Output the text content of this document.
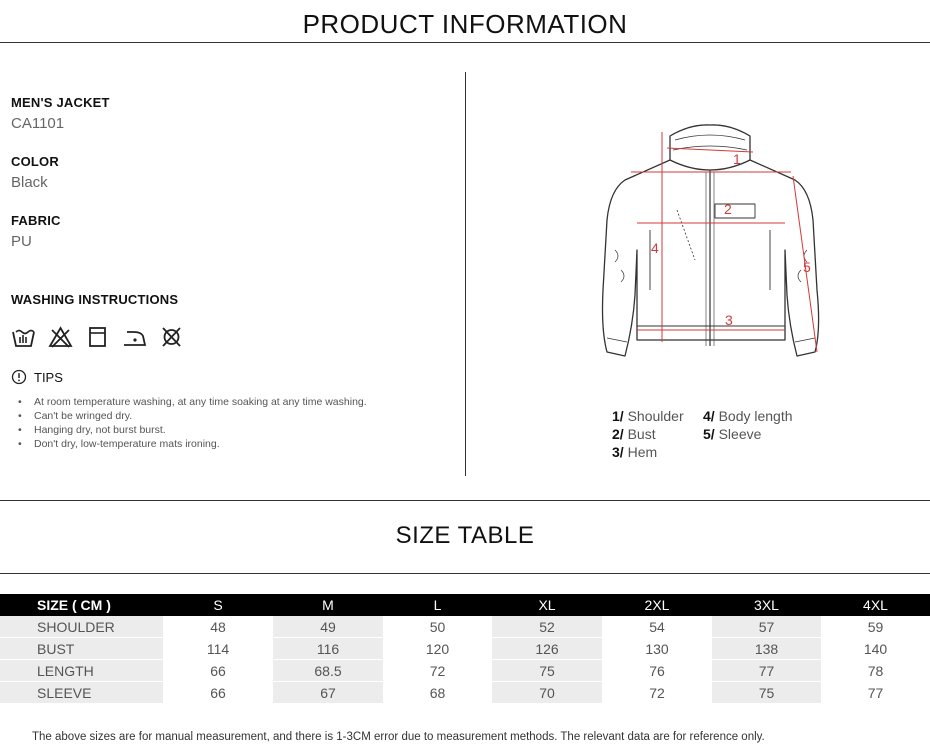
PRODUCT INFORMATION
MEN'S JACKET
CA1101
COLOR
Black
FABRIC
PU
WASHING INSTRUCTIONS
TIPS
• At room temperature washing, at any time soaking at any time washing.
• Can't be wringed dry.
• Hanging dry, not burst burst.
• Don't dry, low-temperature mats ironing.
1
2
3
4
5
1/ Shoulder	4/ Body length
2/ Bust	5/ Sleeve
3/ Hem
SIZE TABLE
SIZE ( CM )	S	M	L	XL	2XL	3XL	4XL
SHOULDER	48	49	50	52	54	57	59
BUST	114	116	120	126	130	138	140
LENGTH	66	68.5	72	75	76	77	78
SLEEVE	66	67	68	70	72	75	77
The above sizes are for manual measurement, and there is 1-3CM error due to measurement methods. The relevant data are for reference only.
